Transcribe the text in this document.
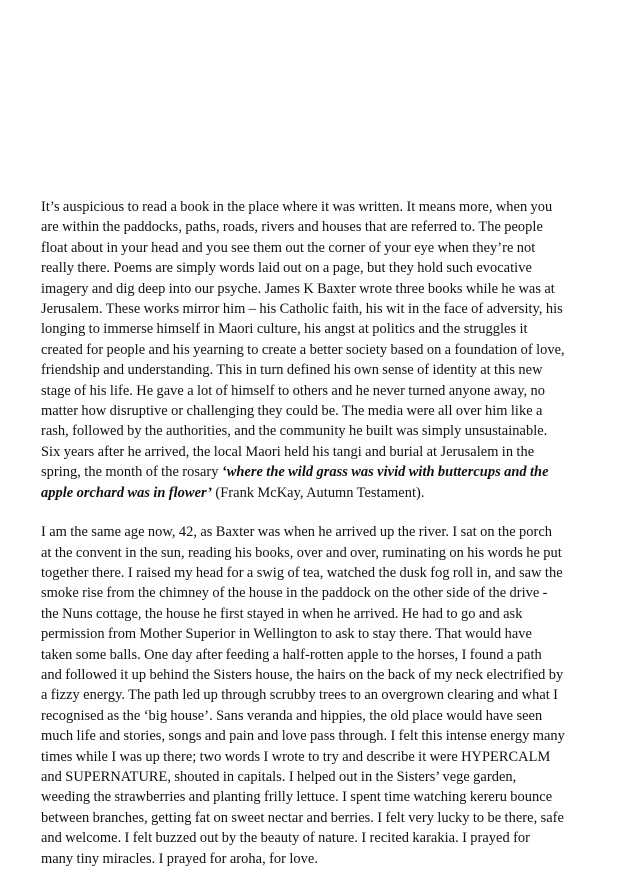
It’s auspicious to read a book in the place where it was written. It means more, when you are within the paddocks, paths, roads, rivers and houses that are referred to. The people float about in your head and you see them out the corner of your eye when they’re not really there. Poems are simply words laid out on a page, but they hold such evocative imagery and dig deep into our psyche. James K Baxter wrote three books while he was at Jerusalem. These works mirror him – his Catholic faith, his wit in the face of adversity, his longing to immerse himself in Maori culture, his angst at politics and the struggles it created for people and his yearning to create a better society based on a foundation of love, friendship and understanding. This in turn defined his own sense of identity at this new stage of his life. He gave a lot of himself to others and he never turned anyone away, no matter how disruptive or challenging they could be. The media were all over him like a rash, followed by the authorities, and the community he built was simply unsustainable. Six years after he arrived, the local Maori held his tangi and burial at Jerusalem in the spring, the month of the rosary ‘where the wild grass was vivid with buttercups and the apple orchard was in flower’ (Frank McKay, Autumn Testament).

I am the same age now, 42, as Baxter was when he arrived up the river. I sat on the porch at the convent in the sun, reading his books, over and over, ruminating on his words he put together there. I raised my head for a swig of tea, watched the dusk fog roll in, and saw the smoke rise from the chimney of the house in the paddock on the other side of the drive - the Nuns cottage, the house he first stayed in when he arrived. He had to go and ask permission from Mother Superior in Wellington to ask to stay there. That would have taken some balls. One day after feeding a half-rotten apple to the horses, I found a path and followed it up behind the Sisters house, the hairs on the back of my neck electrified by a fizzy energy. The path led up through scrubby trees to an overgrown clearing and what I recognised as the ‘big house’. Sans veranda and hippies, the old place would have seen much life and stories, songs and pain and love pass through. I felt this intense energy many times while I was up there; two words I wrote to try and describe it were HYPERCALM and SUPERNATURE, shouted in capitals. I helped out in the Sisters’ vege garden, weeding the strawberries and planting frilly lettuce. I spent time watching kereru bounce between branches, getting fat on sweet nectar and berries. I felt very lucky to be there, safe and welcome. I felt buzzed out by the beauty of nature. I recited karakia. I prayed for many tiny miracles. I prayed for aroha, for love.
